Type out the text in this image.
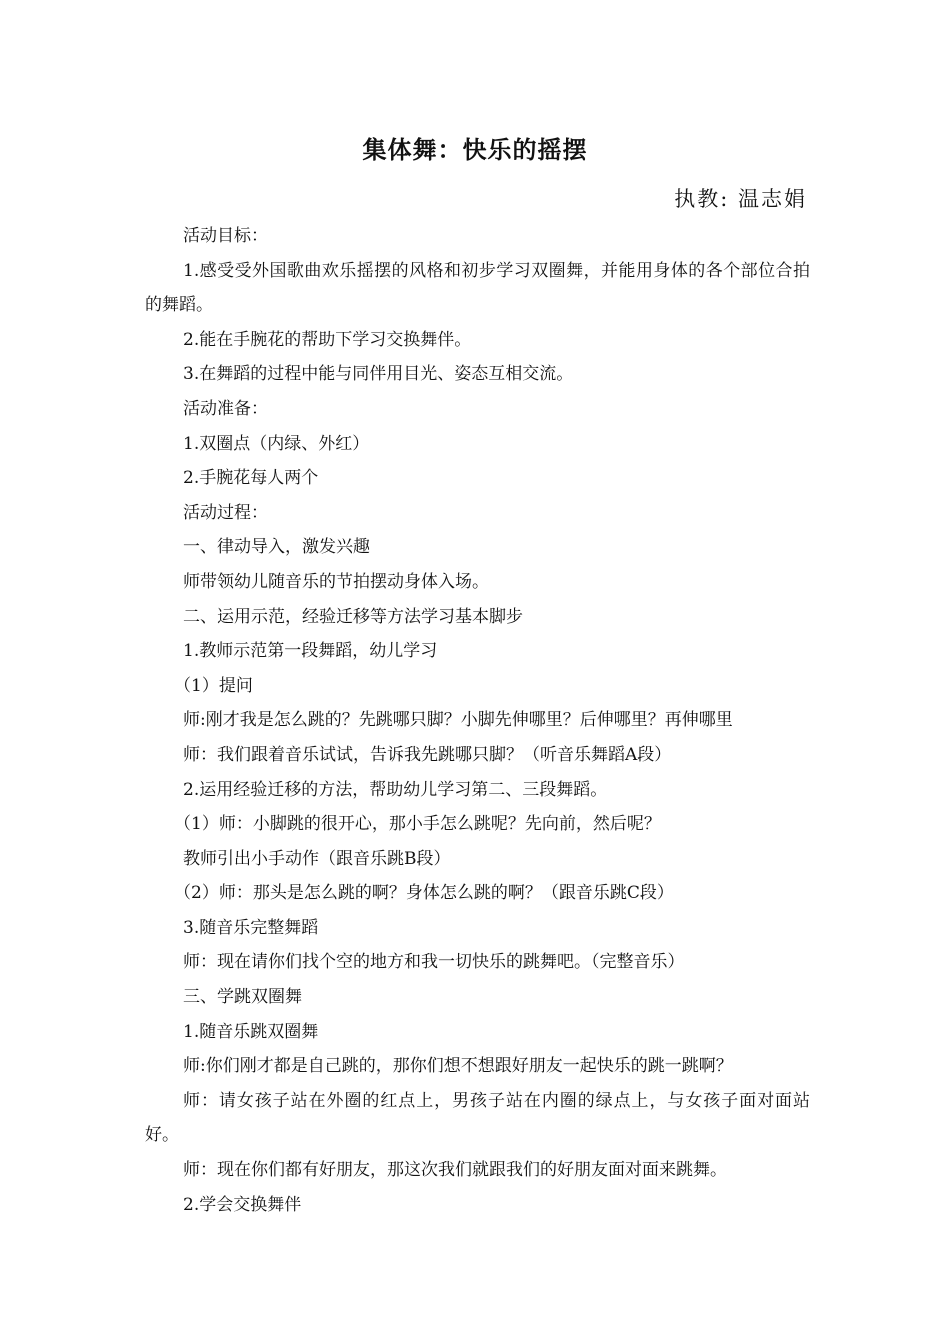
集体舞：快乐的摇摆
执教: 温志娟

活动目标：

1.感受受外国歌曲欢乐摇摆的风格和初步学习双圈舞，并能用身体的各个部位合拍的舞蹈。

2.能在手腕花的帮助下学习交换舞伴。

3.在舞蹈的过程中能与同伴用目光、姿态互相交流。

活动准备：

1.双圈点（内绿、外红）

2.手腕花每人两个

活动过程：

一、律动导入，激发兴趣

师带领幼儿随音乐的节拍摆动身体入场。

二、运用示范，经验迁移等方法学习基本脚步

1.教师示范第一段舞蹈，幼儿学习

（1）提问

师:刚才我是怎么跳的？先跳哪只脚？小脚先伸哪里？后伸哪里？再伸哪里

师：我们跟着音乐试试，告诉我先跳哪只脚？（听音乐舞蹈A段）

2.运用经验迁移的方法，帮助幼儿学习第二、三段舞蹈。

（1）师：小脚跳的很开心，那小手怎么跳呢？先向前，然后呢？

教师引出小手动作（跟音乐跳B段）

（2）师：那头是怎么跳的啊？身体怎么跳的啊？（跟音乐跳C段）

3.随音乐完整舞蹈

师：现在请你们找个空的地方和我一切快乐的跳舞吧。（完整音乐）

三、学跳双圈舞

1.随音乐跳双圈舞

师:你们刚才都是自己跳的，那你们想不想跟好朋友一起快乐的跳一跳啊？

师：请女孩子站在外圈的红点上，男孩子站在内圈的绿点上，与女孩子面对面站好。

师：现在你们都有好朋友，那这次我们就跟我们的好朋友面对面来跳舞。

2.学会交换舞伴
